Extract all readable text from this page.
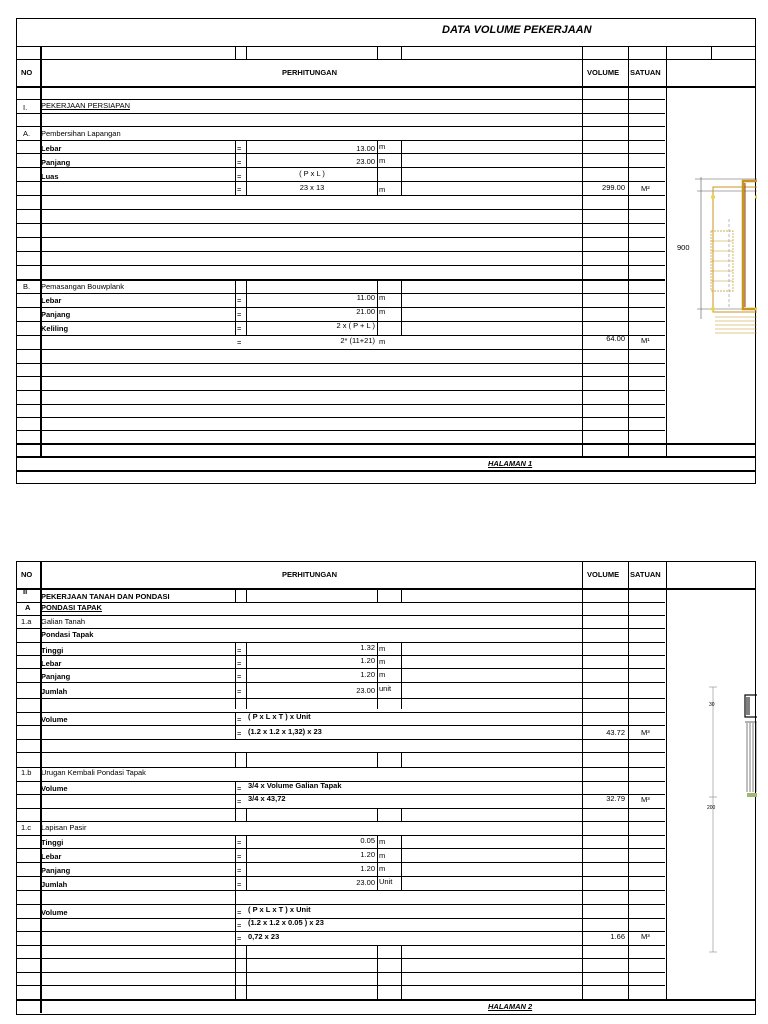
DATA VOLUME PEKERJAAN
NO	PERHITUNGAN	VOLUME SATUAN
I. PEKERJAAN PERSIAPAN
A. Pembersihan Lapangan
Lebar	=	13.00 m
Panjang	=	23.00 m
Luas	=	( P x L )
=	23 x 13	m	299.00 M²
B. Pemasangan Bouwplank
Lebar	=	11.00 m
Panjang	=	21.00 m
Keliling	=	2 x ( P + L )
=	2* (11+21) m	64.00 M¹
HALAMAN 1
900
NO	PERHITUNGAN	VOLUME SATUAN
II
PEKERJAAN TANAH DAN PONDASI
A PONDASI TAPAK
1.a Galian Tanah
Pondasi Tapak
Tinggi	=	1.32 m
Lebar	=	1.20 m
Panjang	=	1.20 m
Jumlah	=	23.00 unit
Volume	= ( P x L x T ) x Unit
= (1.2 x 1.2 x 1,32) x 23	43.72 M³
1.b Urugan Kembali Pondasi Tapak
Volume	= 3/4 x Volume Galian Tapak
= 3/4 x 43,72	32.79 M³
1.c Lapisan Pasir
Tinggi	=	0.05 m
Lebar	=	1.20 m
Panjang	=	1.20 m
Jumlah	=	23.00 Unit
Volume	= ( P x L x T ) x Unit
= (1.2 x 1.2 x 0.05 ) x 23
= 0,72 x 23	1.66 M³
HALAMAN 2
30
200
